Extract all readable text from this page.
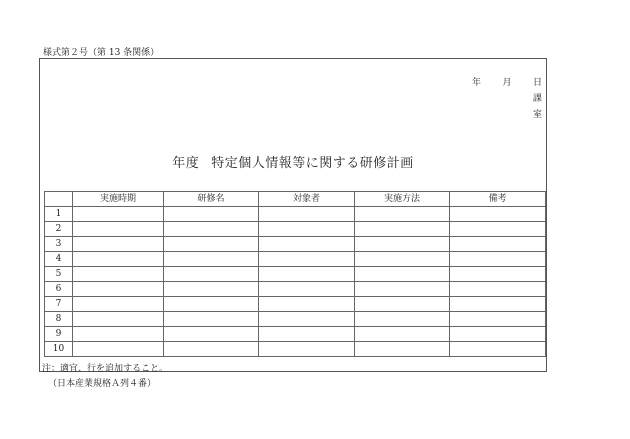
様式第２号（第 13 条関係）
年 月 日
課
室
年度 特定個人情報等に関する研修計画
	実施時期	研修名	対象者	実施方法	備考
1					
2					
3					
4					
5					
6					
7					
8					
9					
10					
注：適宜、行を追加すること。
（日本産業規格Ａ列４番）
